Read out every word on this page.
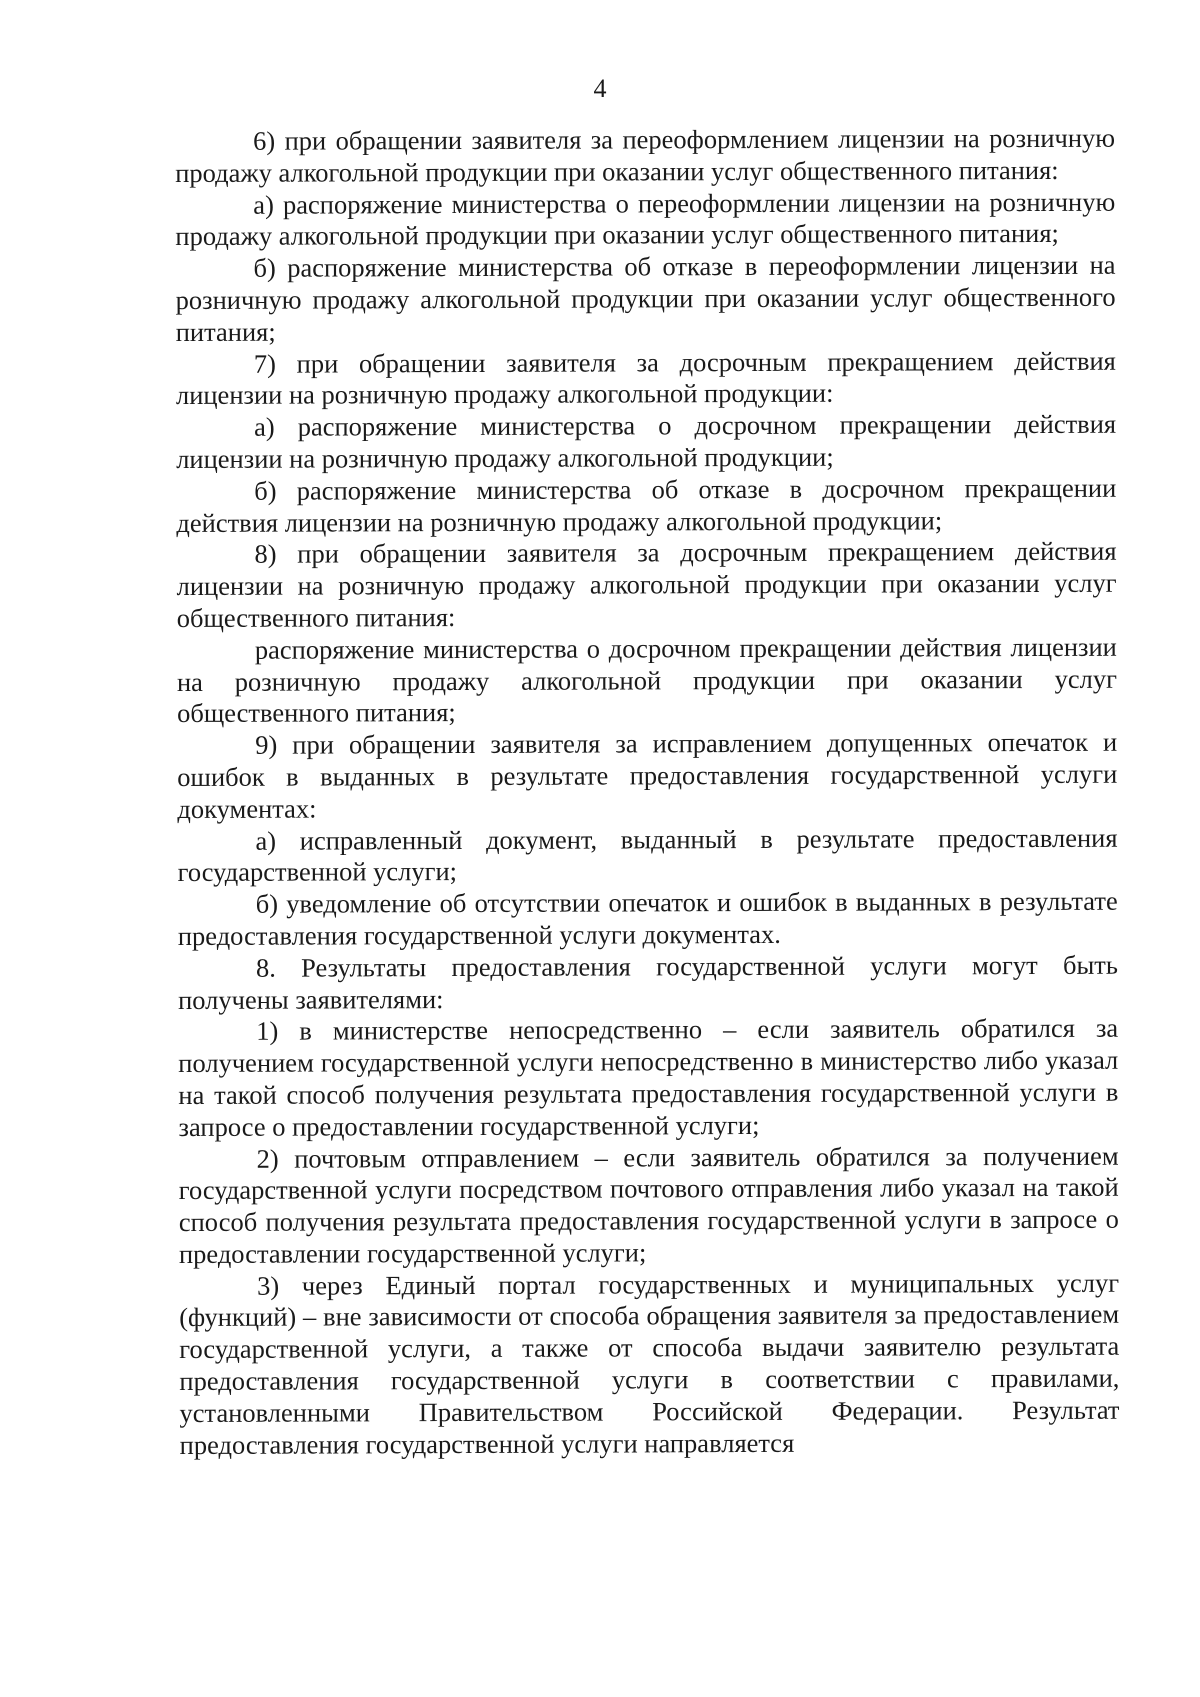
4

6) при обращении заявителя за переоформлением лицензии на розничную продажу алкогольной продукции при оказании услуг общественного питания:

а) распоряжение министерства о переоформлении лицензии на розничную продажу алкогольной продукции при оказании услуг общественного питания;

б) распоряжение министерства об отказе в переоформлении лицензии на розничную продажу алкогольной продукции при оказании услуг общественного питания;

7) при обращении заявителя за досрочным прекращением действия лицензии на розничную продажу алкогольной продукции:

а) распоряжение министерства о досрочном прекращении действия лицензии на розничную продажу алкогольной продукции;

б) распоряжение министерства об отказе в досрочном прекращении действия лицензии на розничную продажу алкогольной продукции;

8) при обращении заявителя за досрочным прекращением действия лицензии на розничную продажу алкогольной продукции при оказании услуг общественного питания:

распоряжение министерства о досрочном прекращении действия лицензии на розничную продажу алкогольной продукции при оказании услуг общественного питания;

9) при обращении заявителя за исправлением допущенных опечаток и ошибок в выданных в результате предоставления государственной услуги документах:

а) исправленный документ, выданный в результате предоставления государственной услуги;

б) уведомление об отсутствии опечаток и ошибок в выданных в результате предоставления государственной услуги документах.

8. Результаты предоставления государственной услуги могут быть получены заявителями:

1) в министерстве непосредственно – если заявитель обратился за получением государственной услуги непосредственно в министерство либо указал на такой способ получения результата предоставления государственной услуги в запросе о предоставлении государственной услуги;

2) почтовым отправлением – если заявитель обратился за получением государственной услуги посредством почтового отправления либо указал на такой способ получения результата предоставления государственной услуги в запросе о предоставлении государственной услуги;

3) через Единый портал государственных и муниципальных услуг (функций) – вне зависимости от способа обращения заявителя за предоставлением государственной услуги, а также от способа выдачи заявителю результата предоставления государственной услуги в соответствии с правилами, установленными Правительством Российской Федерации. Результат предоставления государственной услуги направляется
